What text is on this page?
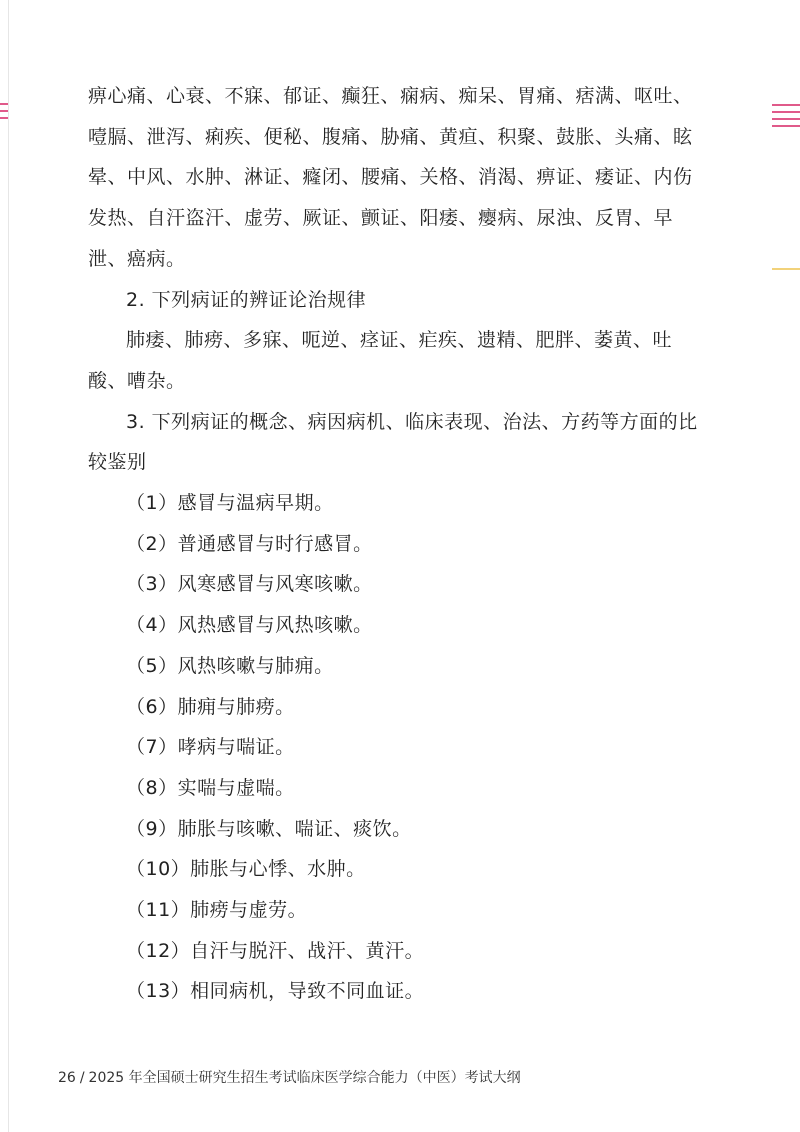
痹心痛、心衰、不寐、郁证、癫狂、痫病、痴呆、胃痛、痞满、呕吐、噎膈、泄泻、痢疾、便秘、腹痛、胁痛、黄疸、积聚、鼓胀、头痛、眩晕、中风、水肿、淋证、癃闭、腰痛、关格、消渴、痹证、痿证、内伤发热、自汗盗汗、虚劳、厥证、颤证、阳痿、瘿病、尿浊、反胃、早泄、癌病。

2. 下列病证的辨证论治规律

肺痿、肺痨、多寐、呃逆、痉证、疟疾、遗精、肥胖、萎黄、吐酸、嘈杂。

3. 下列病证的概念、病因病机、临床表现、治法、方药等方面的比较鉴别

（1）感冒与温病早期。

（2）普通感冒与时行感冒。

（3）风寒感冒与风寒咳嗽。

（4）风热感冒与风热咳嗽。

（5）风热咳嗽与肺痈。

（6）肺痈与肺痨。

（7）哮病与喘证。

（8）实喘与虚喘。

（9）肺胀与咳嗽、喘证、痰饮。

（10）肺胀与心悸、水肿。

（11）肺痨与虚劳。

（12）自汗与脱汗、战汗、黄汗。

（13）相同病机，导致不同血证。

26 / 2025 年全国硕士研究生招生考试临床医学综合能力（中医）考试大纲
